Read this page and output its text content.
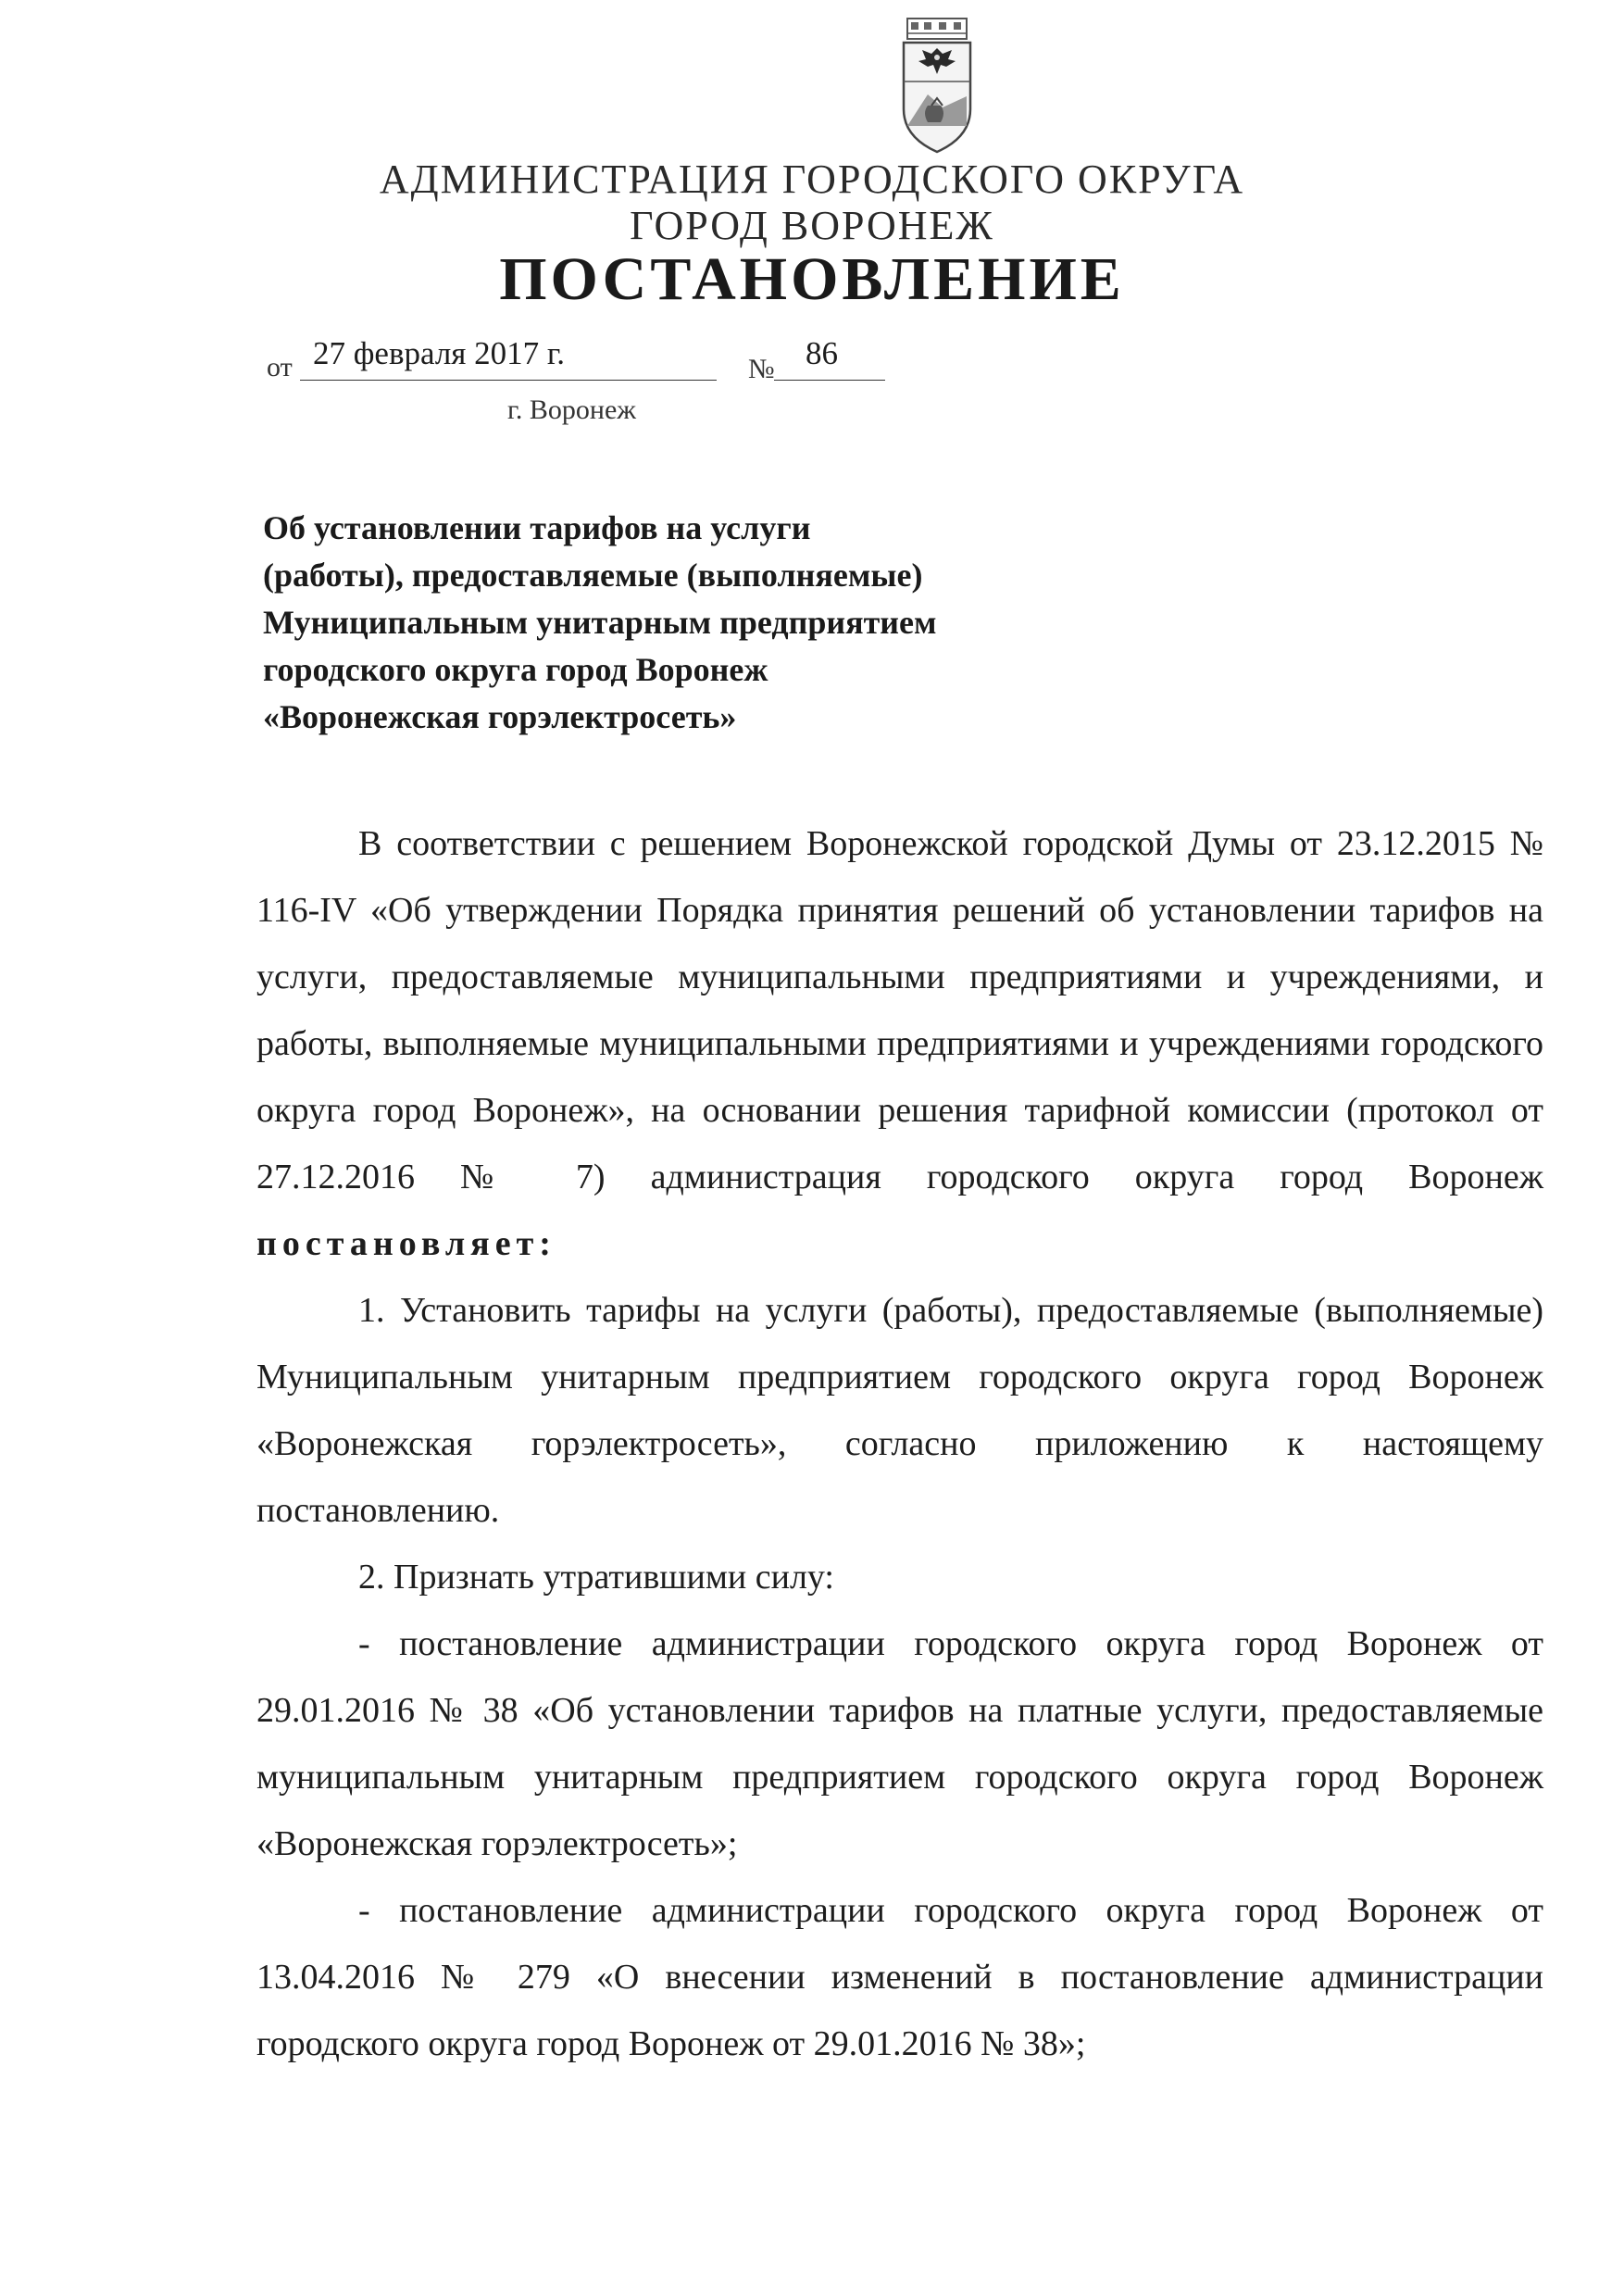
АДМИНИСТРАЦИЯ ГОРОДСКОГО ОКРУГА
ГОРОД ВОРОНЕЖ
ПОСТАНОВЛЕНИЕ
от 27 февраля 2017 г.	№ 86
г. Воронеж
Об установлении тарифов на услуги
(работы), предоставляемые (выполняемые)
Муниципальным унитарным предприятием
городского округа город Воронеж
«Воронежская горэлектросеть»

В соответствии с решением Воронежской городской Думы от 23.12.2015 № 116-IV «Об утверждении Порядка принятия решений об установлении тарифов на услуги, предоставляемые муниципальными предприятиями и учреждениями, и работы, выполняемые муниципальными предприятиями и учреждениями городского округа город Воронеж», на основании решения тарифной комиссии (протокол от 27.12.2016 № 7) администрация городского округа город Воронеж постановляет:

1. Установить тарифы на услуги (работы), предоставляемые (выполняемые) Муниципальным унитарным предприятием городского округа город Воронеж «Воронежская горэлектросеть», согласно приложению к настоящему постановлению.

2. Признать утратившими силу:

- постановление администрации городского округа город Воронеж от 29.01.2016 № 38 «Об установлении тарифов на платные услуги, предоставляемые муниципальным унитарным предприятием городского округа город Воронеж «Воронежская горэлектросеть»;

- постановление администрации городского округа город Воронеж от 13.04.2016 № 279 «О внесении изменений в постановление администрации городского округа город Воронеж от 29.01.2016 № 38»;
